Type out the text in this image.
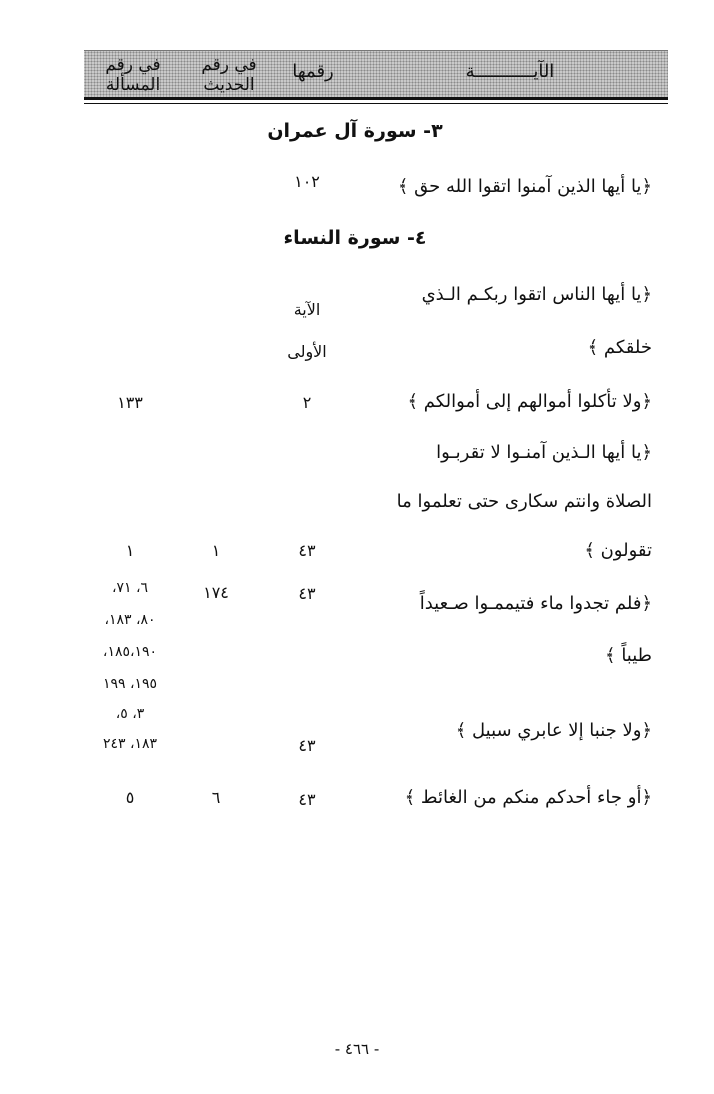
في رقم المسألة
في رقم الحديث
رقمها	الآيـــــــــــة
٣- سورة آل عمران
﴿يا أيها الذين آمنوا اتقوا الله حق ﴾
١٠٢
٤- سورة النساء
﴿يا أيها الناس اتقوا ربكـم الـذي
خلقكم ﴾
الآية
الأولى
﴿ولا تأكلوا أموالهم إلى أموالكم ﴾
٢
١٣٣
﴿يا أيها الـذين آمنـوا لا تقربـوا
الصلاة وانتم سكارى حتى تعلموا ما
تقولون ﴾
٤٣
١
١
﴿فلم تجدوا ماء فتيممـوا صـعيداً
طيباً ﴾
٤٣
١٧٤
٦، ٧١،
٨٠، ١٨٣،
١٨٥،١٩٠،
١٩٥، ١٩٩
﴿ولا جنبا إلا عابري سبيل ﴾
٤٣
٣، ٥،
١٨٣، ٢٤٣
﴿أو جاء أحدكم منكم من الغائط ﴾
٤٣
٦
٥
- ٤٦٦ -
